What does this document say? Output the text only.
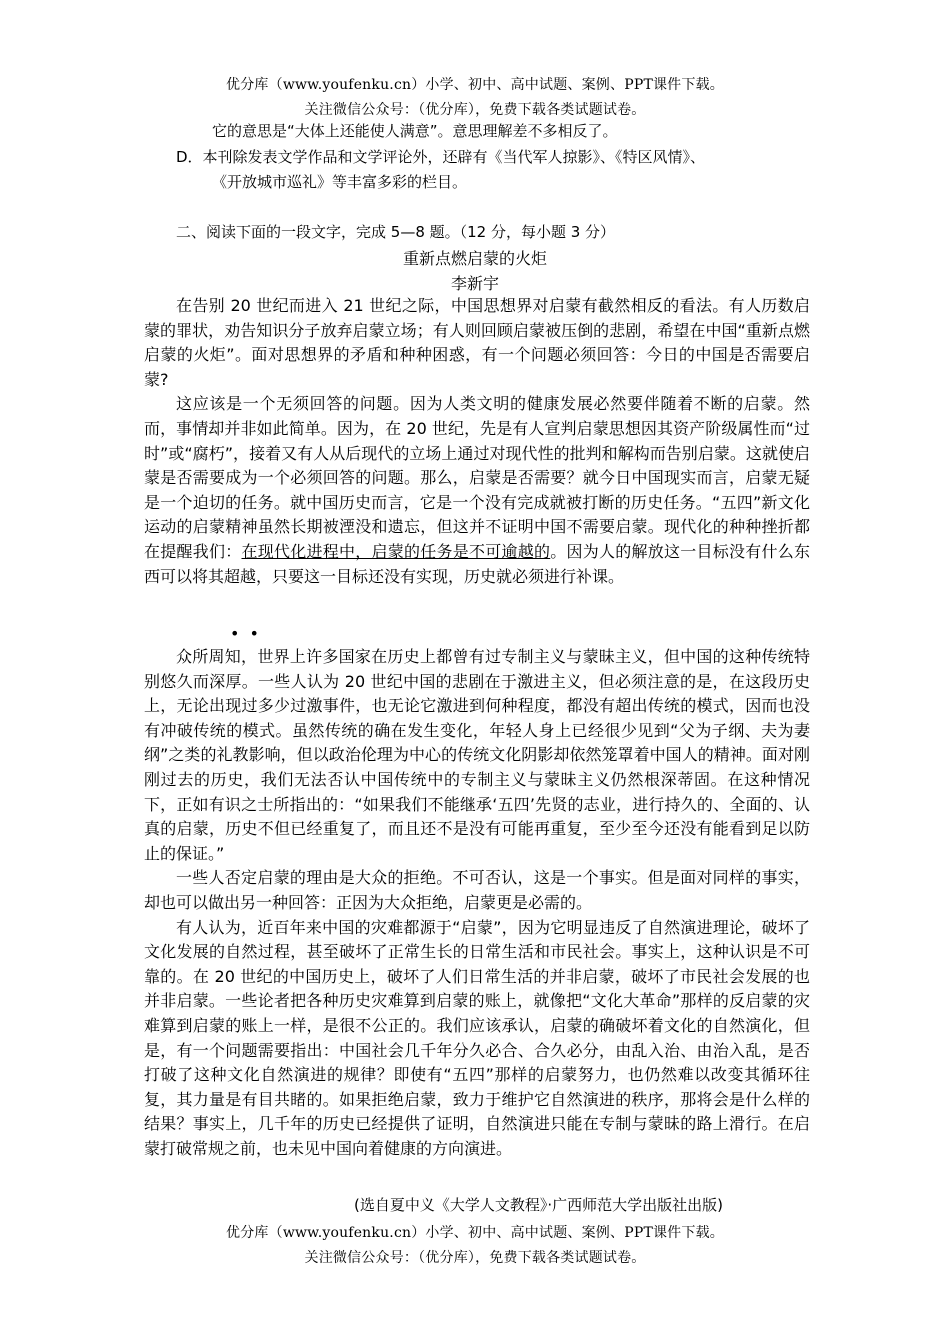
优分库（www.youfenku.cn）小学、初中、高中试题、案例、PPT课件下载。
关注微信公众号：（优分库），免费下载各类试题试卷。
它的意思是“大体上还能使人满意”。意思理解差不多相反了。
D．本刊除发表文学作品和文学评论外，还辟有《当代军人掠影》、《特区风情》、
《开放城市巡礼》等丰富多彩的栏目。
二、阅读下面的一段文字，完成 5—8 题。（12 分，每小题 3 分）
重新点燃启蒙的火炬
李新宇

在告别 20 世纪而进入 21 世纪之际，中国思想界对启蒙有截然相反的看法。有人历数启蒙的罪状，劝告知识分子放弃启蒙立场；有人则回顾启蒙被压倒的悲剧，希望在中国“重新点燃启蒙的火炬”。面对思想界的矛盾和种种困惑，有一个问题必须回答：今日的中国是否需要启蒙?

这应该是一个无须回答的问题。因为人类文明的健康发展必然要伴随着不断的启蒙。然而，事情却并非如此简单。因为，在 20 世纪，先是有人宣判启蒙思想因其资产阶级属性而“过时”或“腐朽”，接着又有人从后现代的立场上通过对现代性的批判和解构而告别启蒙。这就使启蒙是否需要成为一个必须回答的问题。那么，启蒙是否需要？就今日中国现实而言，启蒙无疑是一个迫切的任务。就中国历史而言，它是一个没有完成就被打断的历史任务。“五四”新文化运动的启蒙精神虽然长期被湮没和遗忘，但这并不证明中国不需要启蒙。现代化的种种挫折都在提醒我们：在现代化进程中，启蒙的任务是不可逾越的。因为人的解放这一目标没有什么东西可以将其超越，只要这一目标还没有实现，历史就必须进行补课。

••

众所周知，世界上许多国家在历史上都曾有过专制主义与蒙昧主义，但中国的这种传统特别悠久而深厚。一些人认为 20 世纪中国的悲剧在于激进主义，但必须注意的是，在这段历史上，无论出现过多少过激事件，也无论它激进到何种程度，都没有超出传统的模式，因而也没有冲破传统的模式。虽然传统的确在发生变化，年轻人身上已经很少见到“父为子纲、夫为妻纲”之类的礼教影响，但以政治伦理为中心的传统文化阴影却依然笼罩着中国人的精神。面对刚刚过去的历史，我们无法否认中国传统中的专制主义与蒙昧主义仍然根深蒂固。在这种情况下，正如有识之士所指出的：“如果我们不能继承‘五四’先贤的志业，进行持久的、全面的、认真的启蒙，历史不但已经重复了，而且还不是没有可能再重复，至少至今还没有能看到足以防止的保证。”

一些人否定启蒙的理由是大众的拒绝。不可否认，这是一个事实。但是面对同样的事实，却也可以做出另一种回答：正因为大众拒绝，启蒙更是必需的。

有人认为，近百年来中国的灾难都源于“启蒙”，因为它明显违反了自然演进理论，破坏了文化发展的自然过程，甚至破坏了正常生长的日常生活和市民社会。事实上，这种认识是不可靠的。在 20 世纪的中国历史上，破坏了人们日常生活的并非启蒙，破坏了市民社会发展的也并非启蒙。一些论者把各种历史灾难算到启蒙的账上，就像把“文化大革命”那样的反启蒙的灾难算到启蒙的账上一样，是很不公正的。我们应该承认，启蒙的确破坏着文化的自然演化，但是，有一个问题需要指出：中国社会几千年分久必合、合久必分，由乱入治、由治入乱，是否打破了这种文化自然演进的规律？即使有“五四”那样的启蒙努力，也仍然难以改变其循环往复，其力量是有目共睹的。如果拒绝启蒙，致力于维护它自然演进的秩序，那将会是什么样的结果？事实上，几千年的历史已经提供了证明，自然演进只能在专制与蒙昧的路上滑行。在启蒙打破常规之前，也未见中国向着健康的方向演进。

(选自夏中义《大学人文教程》·广西师范大学出版社出版)
优分库（www.youfenku.cn）小学、初中、高中试题、案例、PPT课件下载。
关注微信公众号：（优分库），免费下载各类试题试卷。
